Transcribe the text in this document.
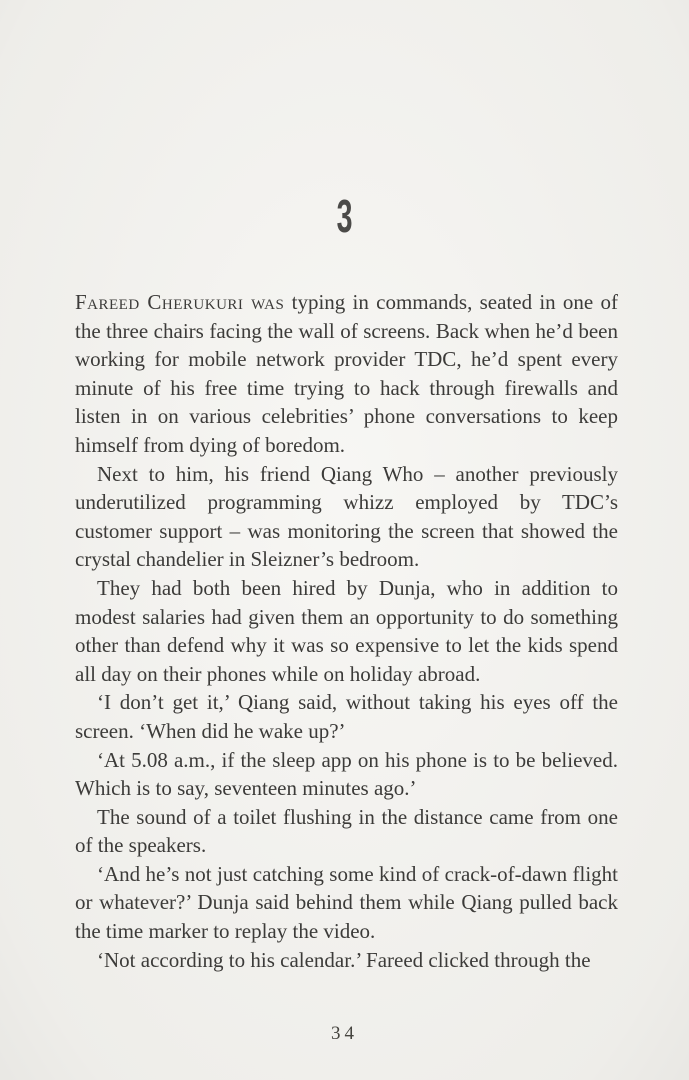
3

Fareed Cherukuri was typing in commands, seated in one of the three chairs facing the wall of screens. Back when he’d been working for mobile network provider TDC, he’d spent every minute of his free time trying to hack through firewalls and listen in on various celebrities’ phone conversations to keep himself from dying of boredom.

Next to him, his friend Qiang Who – another previously underutilized programming whizz employed by TDC’s customer support – was monitoring the screen that showed the crystal chandelier in Sleizner’s bedroom.

They had both been hired by Dunja, who in addition to modest salaries had given them an opportunity to do something other than defend why it was so expensive to let the kids spend all day on their phones while on holiday abroad.

‘I don’t get it,’ Qiang said, without taking his eyes off the screen. ‘When did he wake up?’

‘At 5.08 a.m., if the sleep app on his phone is to be believed. Which is to say, seventeen minutes ago.’

The sound of a toilet flushing in the distance came from one of the speakers.

‘And he’s not just catching some kind of crack-of-dawn flight or whatever?’ Dunja said behind them while Qiang pulled back the time marker to replay the video.

‘Not according to his calendar.’ Fareed clicked through the

34
